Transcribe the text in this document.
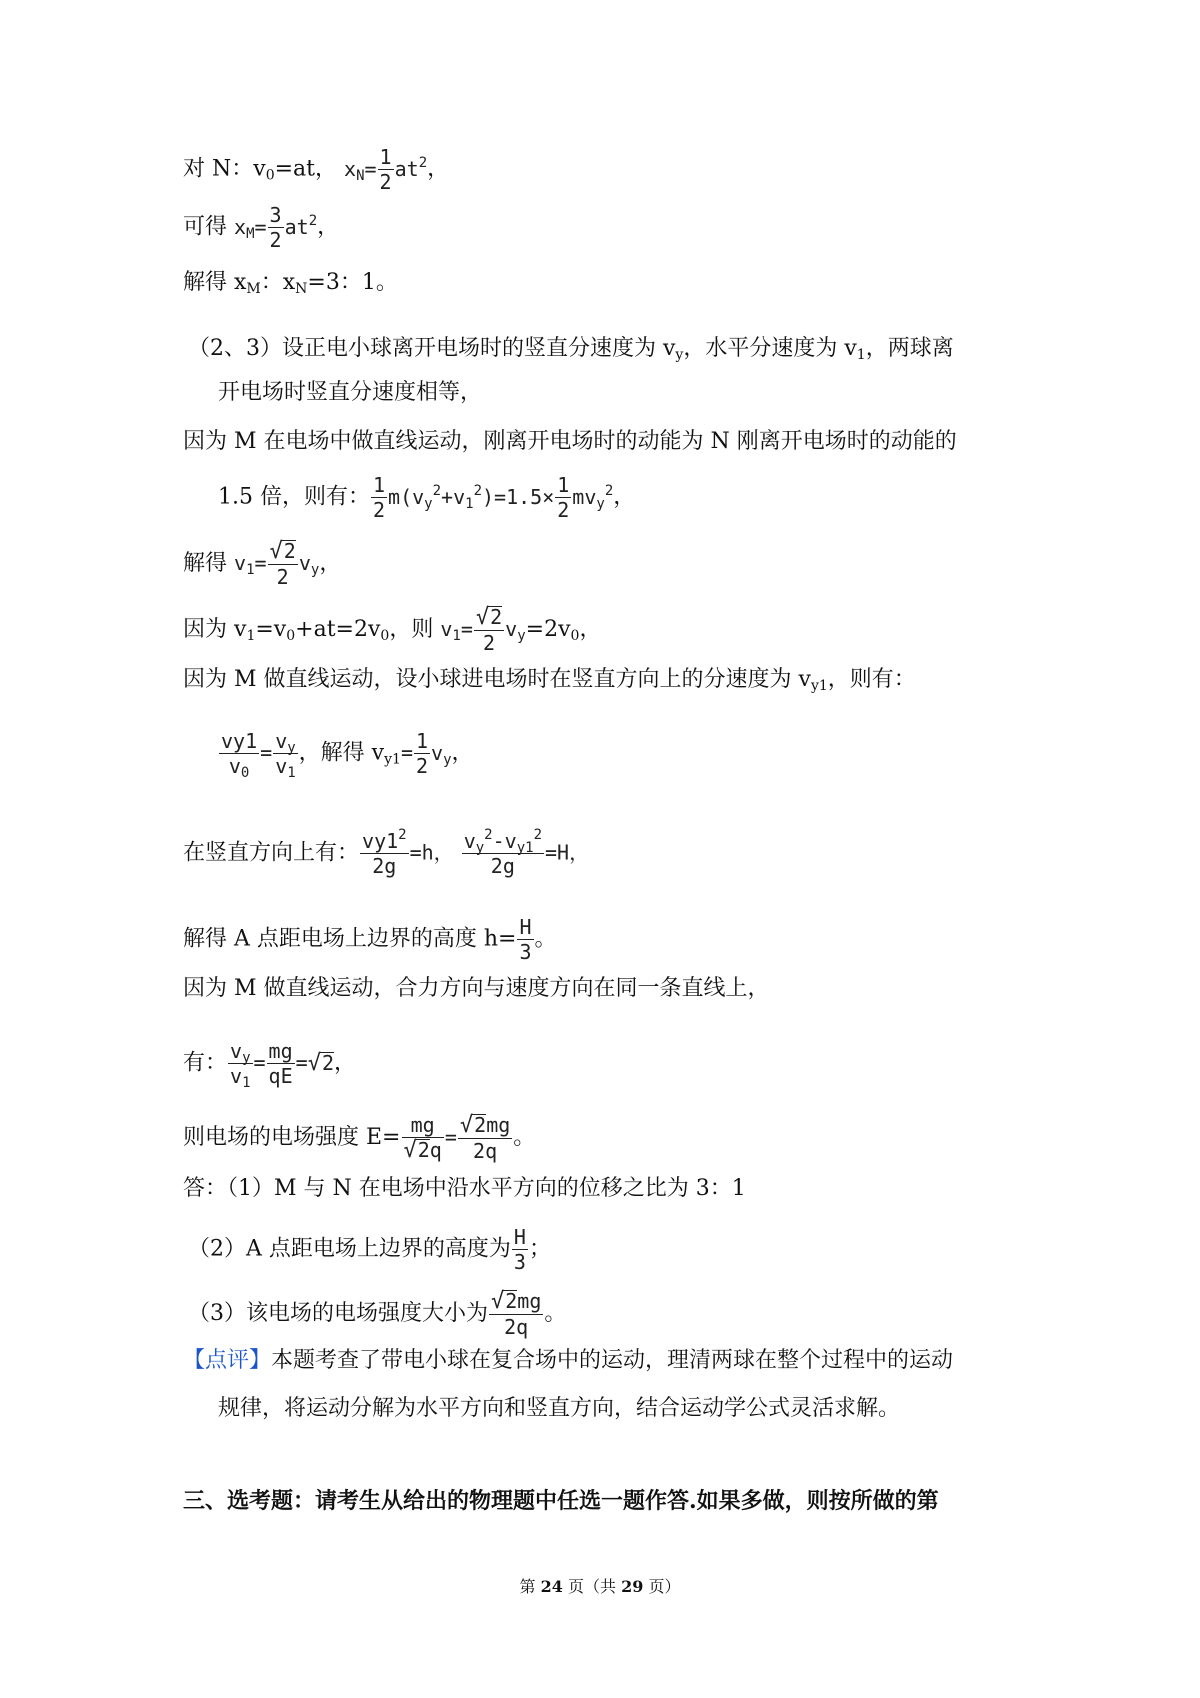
对 N：$v_0=at$， $x_N= \frac{1}{2} at^2$，
可得 $x_M= \frac{3}{2} at^2$，
解得 $x_M$：$x_N=3$：1。
（2、3）设正电小球离开电场时的竖直分速度为 $v_y$，水平分速度为 $v_1$，两球离
开电场时竖直分速度相等，
因为 M 在电场中做直线运动，刚离开电场时的动能为 N 刚离开电场时的动能的
1.5 倍，则有： $\frac{1}{2} m(v_y^2+v_1^2)=1.5\times \frac{1}{2} mv_y^2$，
解得 $v_1= \frac{√2}{2} v_y$，
因为 $v_1=v_0+at=2v_0$，则 $v_1= \frac{√2}{2} v_y=2v_0$，
因为 M 做直线运动，设小球进电场时在竖直方向上的分速度为 $v_{y1}$，则有：
$\frac{vy1}{v_0} = \frac{v_y}{v_1}$ ，解得 $v_{y1}= \frac{1}{2} v_y$，
在竖直方向上有： $\frac{vy1^2}{2g} =h$， $\frac{v_y^2-v_{y1}^2}{2g} =H$，
解得 A 点距电场上边界的高度 $h= \frac{H}{3}$ 。
因为 M 做直线运动，合力方向与速度方向在同一条直线上，
有： $\frac{v_y}{v_1} = \frac{mg}{qE} =√2$，
则电场的电场强度 $E= \frac{mg}{√2q} = \frac{√2mg}{2q}$ 。
答：（1）M 与 N 在电场中沿水平方向的位移之比为 3：1
（2）A 点距电场上边界的高度为 $\frac{H}{3}$ ；
（3）该电场的电场强度大小为 $\frac{√2mg}{2q}$ 。
【点评】本题考查了带电小球在复合场中的运动，理清两球在整个过程中的运动
规律，将运动分解为水平方向和竖直方向，结合运动学公式灵活求解。
三、选考题：请考生从给出的物理题中任选一题作答.如果多做，则按所做的第
第 24 页（共 29 页）
